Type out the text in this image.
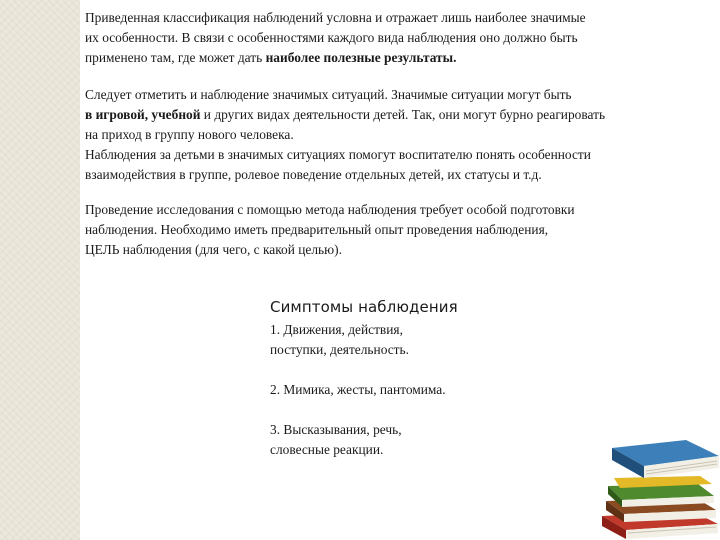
Приведенная классификация наблюдений условна и отражает лишь наиболее значимые
их особенности. В связи с особенностями каждого вида наблюдения оно должно быть
применено там, где может дать наиболее полезные результаты.
Следует отметить и наблюдение значимых ситуаций. Значимые ситуации могут быть
в игровой, учебной и других видах деятельности детей. Так, они могут бурно реагировать
на приход в группу нового человека.
Наблюдения за детьми в значимых ситуациях помогут воспитателю понять особенности
взаимодействия в группе, ролевое поведение отдельных детей, их статусы и т.д.
Проведение исследования с помощью метода наблюдения требует особой подготовки
наблюдения. Необходимо иметь предварительный опыт проведения наблюдения,
ЦЕЛЬ наблюдения (для чего, с какой целью).
Симптомы наблюдения
1. Движения, действия,
поступки, деятельность.
2. Мимика, жесты, пантомима.
3. Высказывания, речь,
словесные реакции.
